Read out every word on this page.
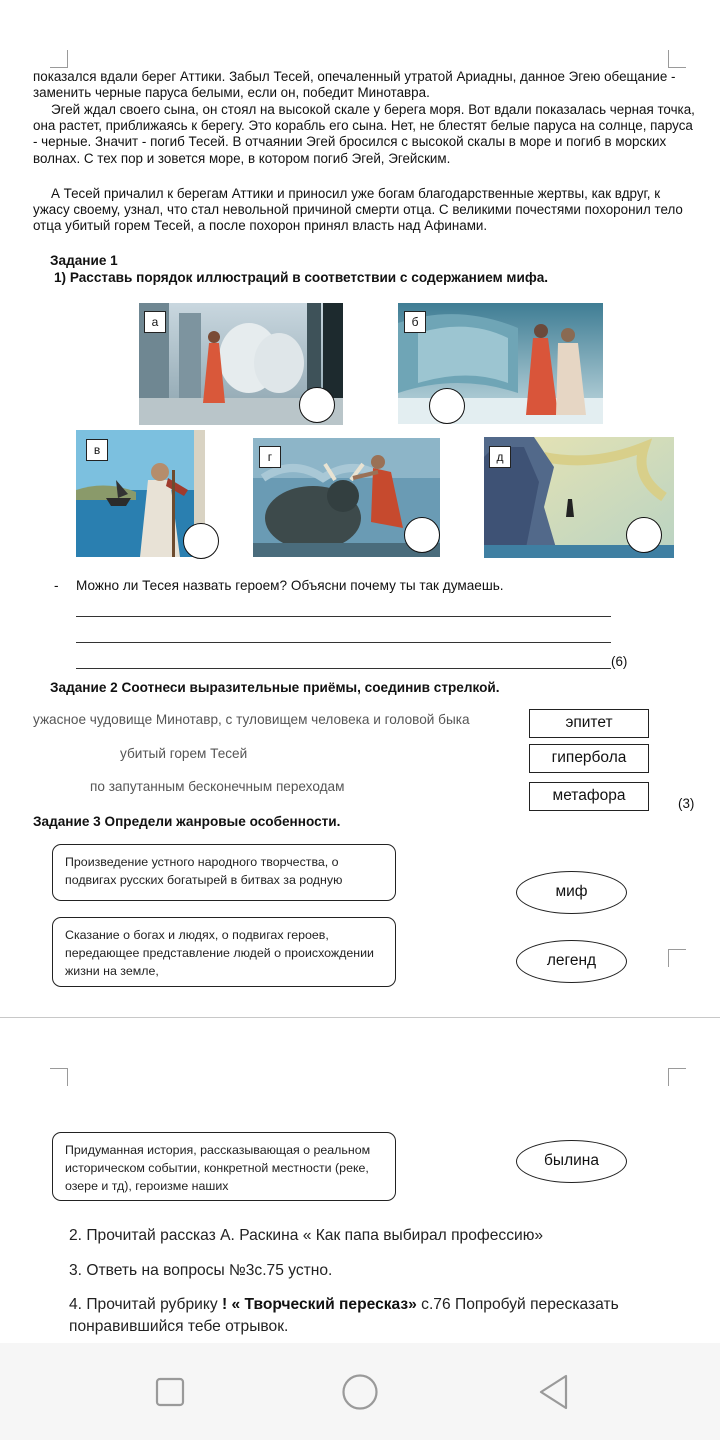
показался вдали берег Аттики. Забыл Тесей, опечаленный утратой Ариадны, данное Эгею обещание - заменить черные паруса белыми, если он, победит Минотавра.

Эгей ждал своего сына, он стоял на высокой скале у берега моря. Вот вдали показалась черная точка, она растет, приближаясь к берегу. Это корабль его сына. Нет, не блестят белые паруса на солнце, паруса - черные. Значит - погиб Тесей. В отчаянии Эгей бросился с высокой скалы в море и погиб в морских волнах. С тех пор и зовется море, в котором погиб Эгей, Эгейским.

А Тесей причалил к берегам Аттики и приносил уже богам благодарственные жертвы, как вдруг, к ужасу своему, узнал, что стал невольной причиной смерти отца. С великими почестями похоронил тело отца убитый горем Тесей, а после похорон принял власть над Афинами.

Задание 1
1) Расставь порядок иллюстраций в соответствии с содержанием мифа.
а	б
в	г	д
- Можно ли Тесея назвать героем? Объясни почему ты так думаешь.
(6)
Задание 2 Соотнеси выразительные приёмы, соединив стрелкой.
ужасное чудовище Минотавр, с туловищем человека и головой быка
убитый горем Тесей
по запутанным бесконечным переходам
эпитет
гипербола
метафора	(3)
Задание 3 Определи жанровые особенности.
Произведение устного народного творчества, о подвигах русских богатырей в битвах за родную
Сказание о богах и людях, о подвигах героев, передающее представление людей о происхождении жизни на земле,
миф
легенд
Придуманная история, рассказывающая о реальном историческом событии, конкретной местности (реке, озере и тд), героизме наших
былина
2. Прочитай рассказ А. Раскина « Как папа выбирал профессию»
3. Ответь на вопросы №3с.75 устно.
4. Прочитай рубрику ! « Творческий пересказ» с.76 Попробуй пересказать понравившийся тебе отрывок.
